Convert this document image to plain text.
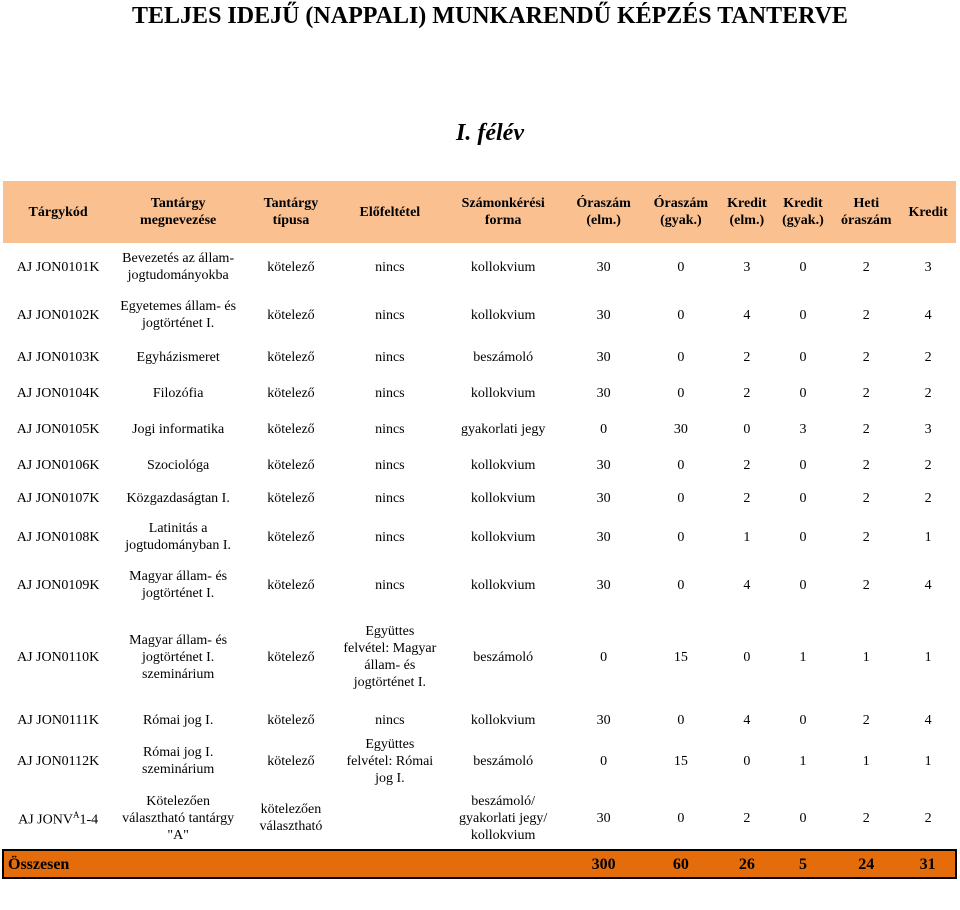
TELJES IDEJŰ (NAPPALI) MUNKARENDŰ KÉPZÉS TANTERVE
I. félév
Tárgykód	Tantárgy megnevezése	Tantárgy típusa	Előfeltétel	Számonkérési forma	Óraszám (elm.)	Óraszám (gyak.)	Kredit (elm.)	Kredit (gyak.)	Heti óraszám	Kredit
AJ JON0101K	Bevezetés az állam-jogtudományokba	kötelező	nincs	kollokvium	30	0	3	0	2	3
AJ JON0102K	Egyetemes állam- és jogtörténet I.	kötelező	nincs	kollokvium	30	0	4	0	2	4
AJ JON0103K	Egyházismeret	kötelező	nincs	beszámoló	30	0	2	0	2	2
AJ JON0104K	Filozófia	kötelező	nincs	kollokvium	30	0	2	0	2	2
AJ JON0105K	Jogi informatika	kötelező	nincs	gyakorlati jegy	0	30	0	3	2	3
AJ JON0106K	Szociológa	kötelező	nincs	kollokvium	30	0	2	0	2	2
AJ JON0107K	Közgazdaságtan I.	kötelező	nincs	kollokvium	30	0	2	0	2	2
AJ JON0108K	Latinitás a jogtudományban I.	kötelező	nincs	kollokvium	30	0	1	0	2	1
AJ JON0109K	Magyar állam- és jogtörténet I.	kötelező	nincs	kollokvium	30	0	4	0	2	4
AJ JON0110K	Magyar állam- és jogtörténet I. szeminárium	kötelező	Együttes felvétel: Magyar állam- és jogtörténet I.	beszámoló	0	15	0	1	1	1
AJ JON0111K	Római jog I.	kötelező	nincs	kollokvium	30	0	4	0	2	4
AJ JON0112K	Római jog I. szeminárium	kötelező	Együttes felvétel: Római jog I.	beszámoló	0	15	0	1	1	1
AJ $JONV^A1-4$	Kötelezően választható tantárgy "A"	kötelezően választható		beszámoló/ gyakorlati jegy/ kollokvium	30	0	2	0	2	2
Összesen					300	60	26	5	24	31
